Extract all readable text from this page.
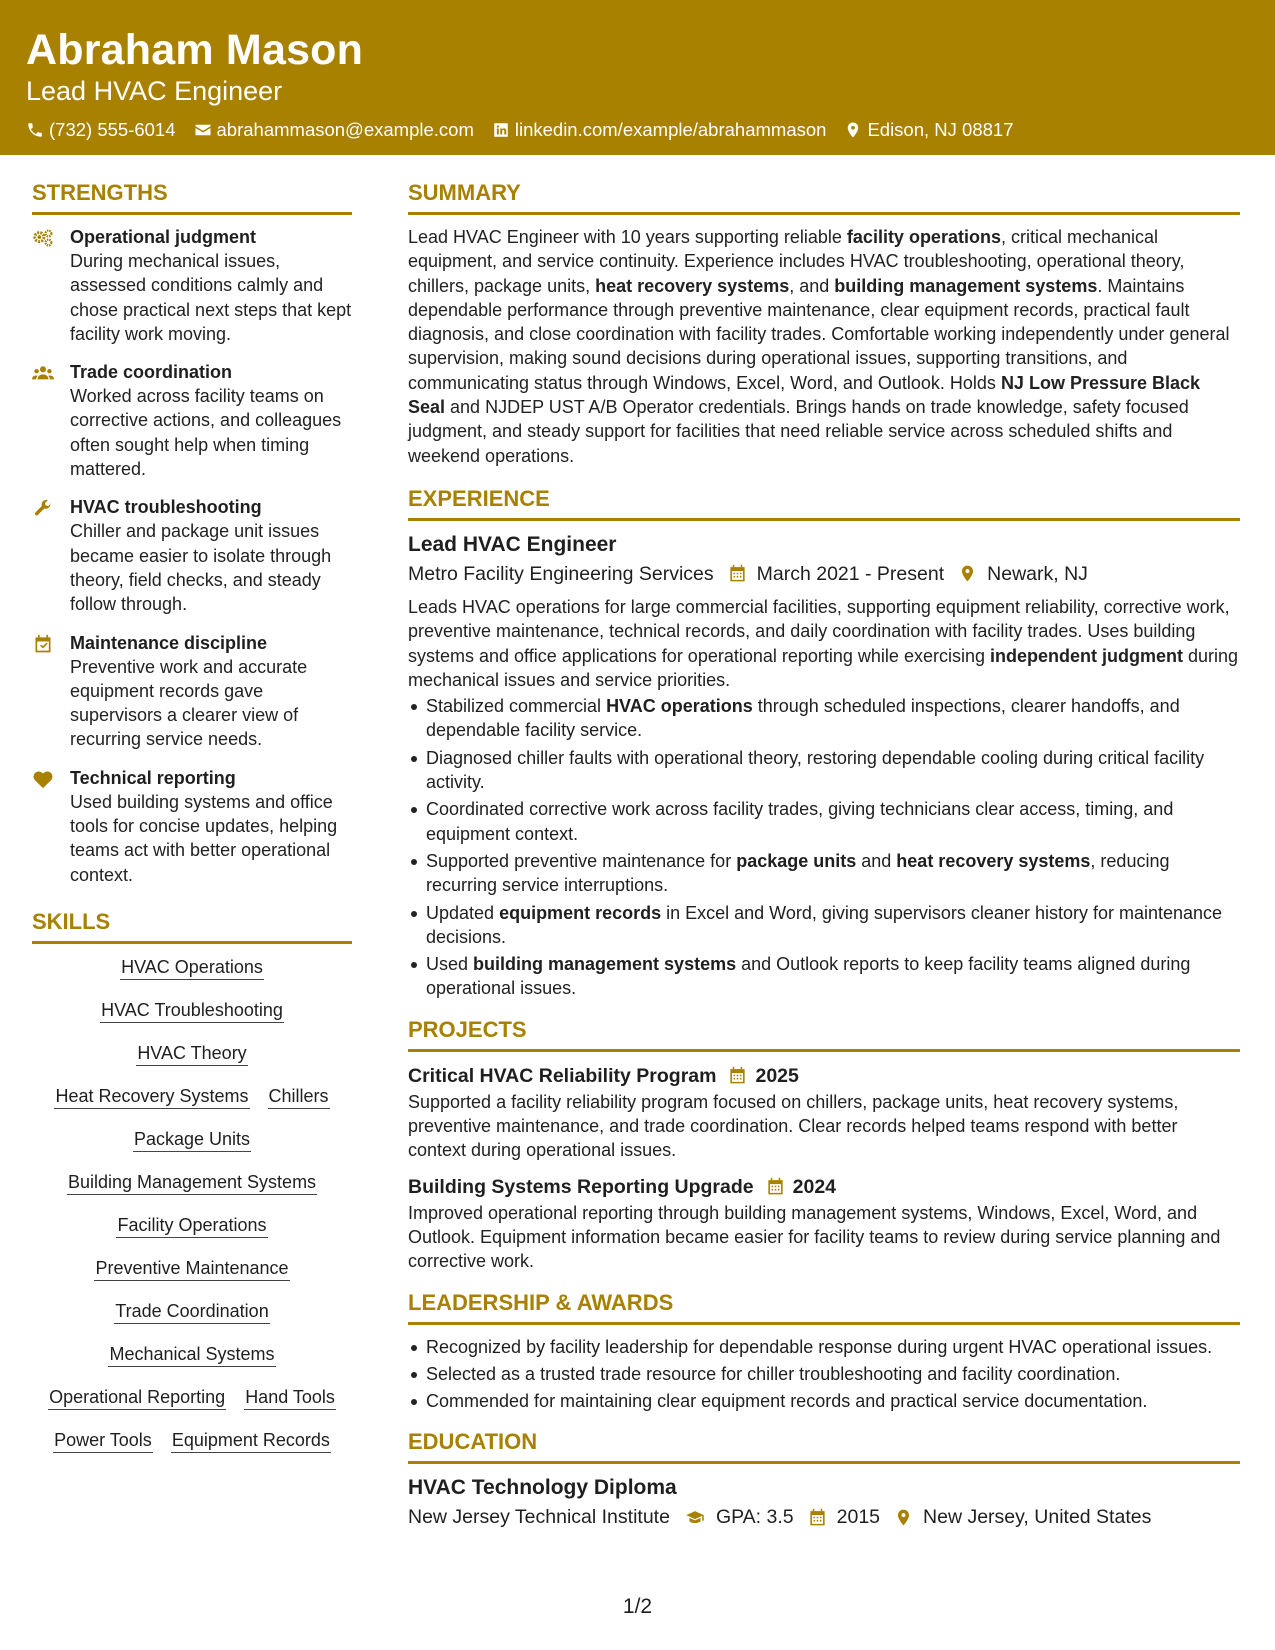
Abraham Mason
Lead HVAC Engineer
(732) 555-6014 abrahammason@example.com linkedin.com/example/abrahammason Edison, NJ 08817
STRENGTHS
Operational judgment
During mechanical issues, assessed conditions calmly and chose practical next steps that kept facility work moving.
Trade coordination
Worked across facility teams on corrective actions, and colleagues often sought help when timing mattered.
HVAC troubleshooting
Chiller and package unit issues became easier to isolate through theory, field checks, and steady follow through.
Maintenance discipline
Preventive work and accurate equipment records gave supervisors a clearer view of recurring service needs.
Technical reporting
Used building systems and office tools for concise updates, helping teams act with better operational context.
SKILLS
HVAC Operations
HVAC Troubleshooting
HVAC Theory
Heat Recovery Systems Chillers
Package Units
Building Management Systems
Facility Operations
Preventive Maintenance
Trade Coordination
Mechanical Systems
Operational Reporting Hand Tools
Power Tools Equipment Records
SUMMARY
Lead HVAC Engineer with 10 years supporting reliable facility operations, critical mechanical equipment, and service continuity. Experience includes HVAC troubleshooting, operational theory, chillers, package units, heat recovery systems, and building management systems. Maintains dependable performance through preventive maintenance, clear equipment records, practical fault diagnosis, and close coordination with facility trades. Comfortable working independently under general supervision, making sound decisions during operational issues, supporting transitions, and communicating status through Windows, Excel, Word, and Outlook. Holds NJ Low Pressure Black Seal and NJDEP UST A/B Operator credentials. Brings hands on trade knowledge, safety focused judgment, and steady support for facilities that need reliable service across scheduled shifts and weekend operations.
EXPERIENCE
Lead HVAC Engineer
Metro Facility Engineering Services March 2021 - Present Newark, NJ
Leads HVAC operations for large commercial facilities, supporting equipment reliability, corrective work, preventive maintenance, technical records, and daily coordination with facility trades. Uses building systems and office applications for operational reporting while exercising independent judgment during mechanical issues and service priorities.
Stabilized commercial HVAC operations through scheduled inspections, clearer handoffs, and dependable facility service.
Diagnosed chiller faults with operational theory, restoring dependable cooling during critical facility activity.
Coordinated corrective work across facility trades, giving technicians clear access, timing, and equipment context.
Supported preventive maintenance for package units and heat recovery systems, reducing recurring service interruptions.
Updated equipment records in Excel and Word, giving supervisors cleaner history for maintenance decisions.
Used building management systems and Outlook reports to keep facility teams aligned during operational issues.
PROJECTS
Critical HVAC Reliability Program 2025
Supported a facility reliability program focused on chillers, package units, heat recovery systems, preventive maintenance, and trade coordination. Clear records helped teams respond with better context during operational issues.
Building Systems Reporting Upgrade 2024
Improved operational reporting through building management systems, Windows, Excel, Word, and Outlook. Equipment information became easier for facility teams to review during service planning and corrective work.
LEADERSHIP & AWARDS
Recognized by facility leadership for dependable response during urgent HVAC operational issues.
Selected as a trusted trade resource for chiller troubleshooting and facility coordination.
Commended for maintaining clear equipment records and practical service documentation.
EDUCATION
HVAC Technology Diploma
New Jersey Technical Institute GPA: 3.5 2015 New Jersey, United States
1/2
